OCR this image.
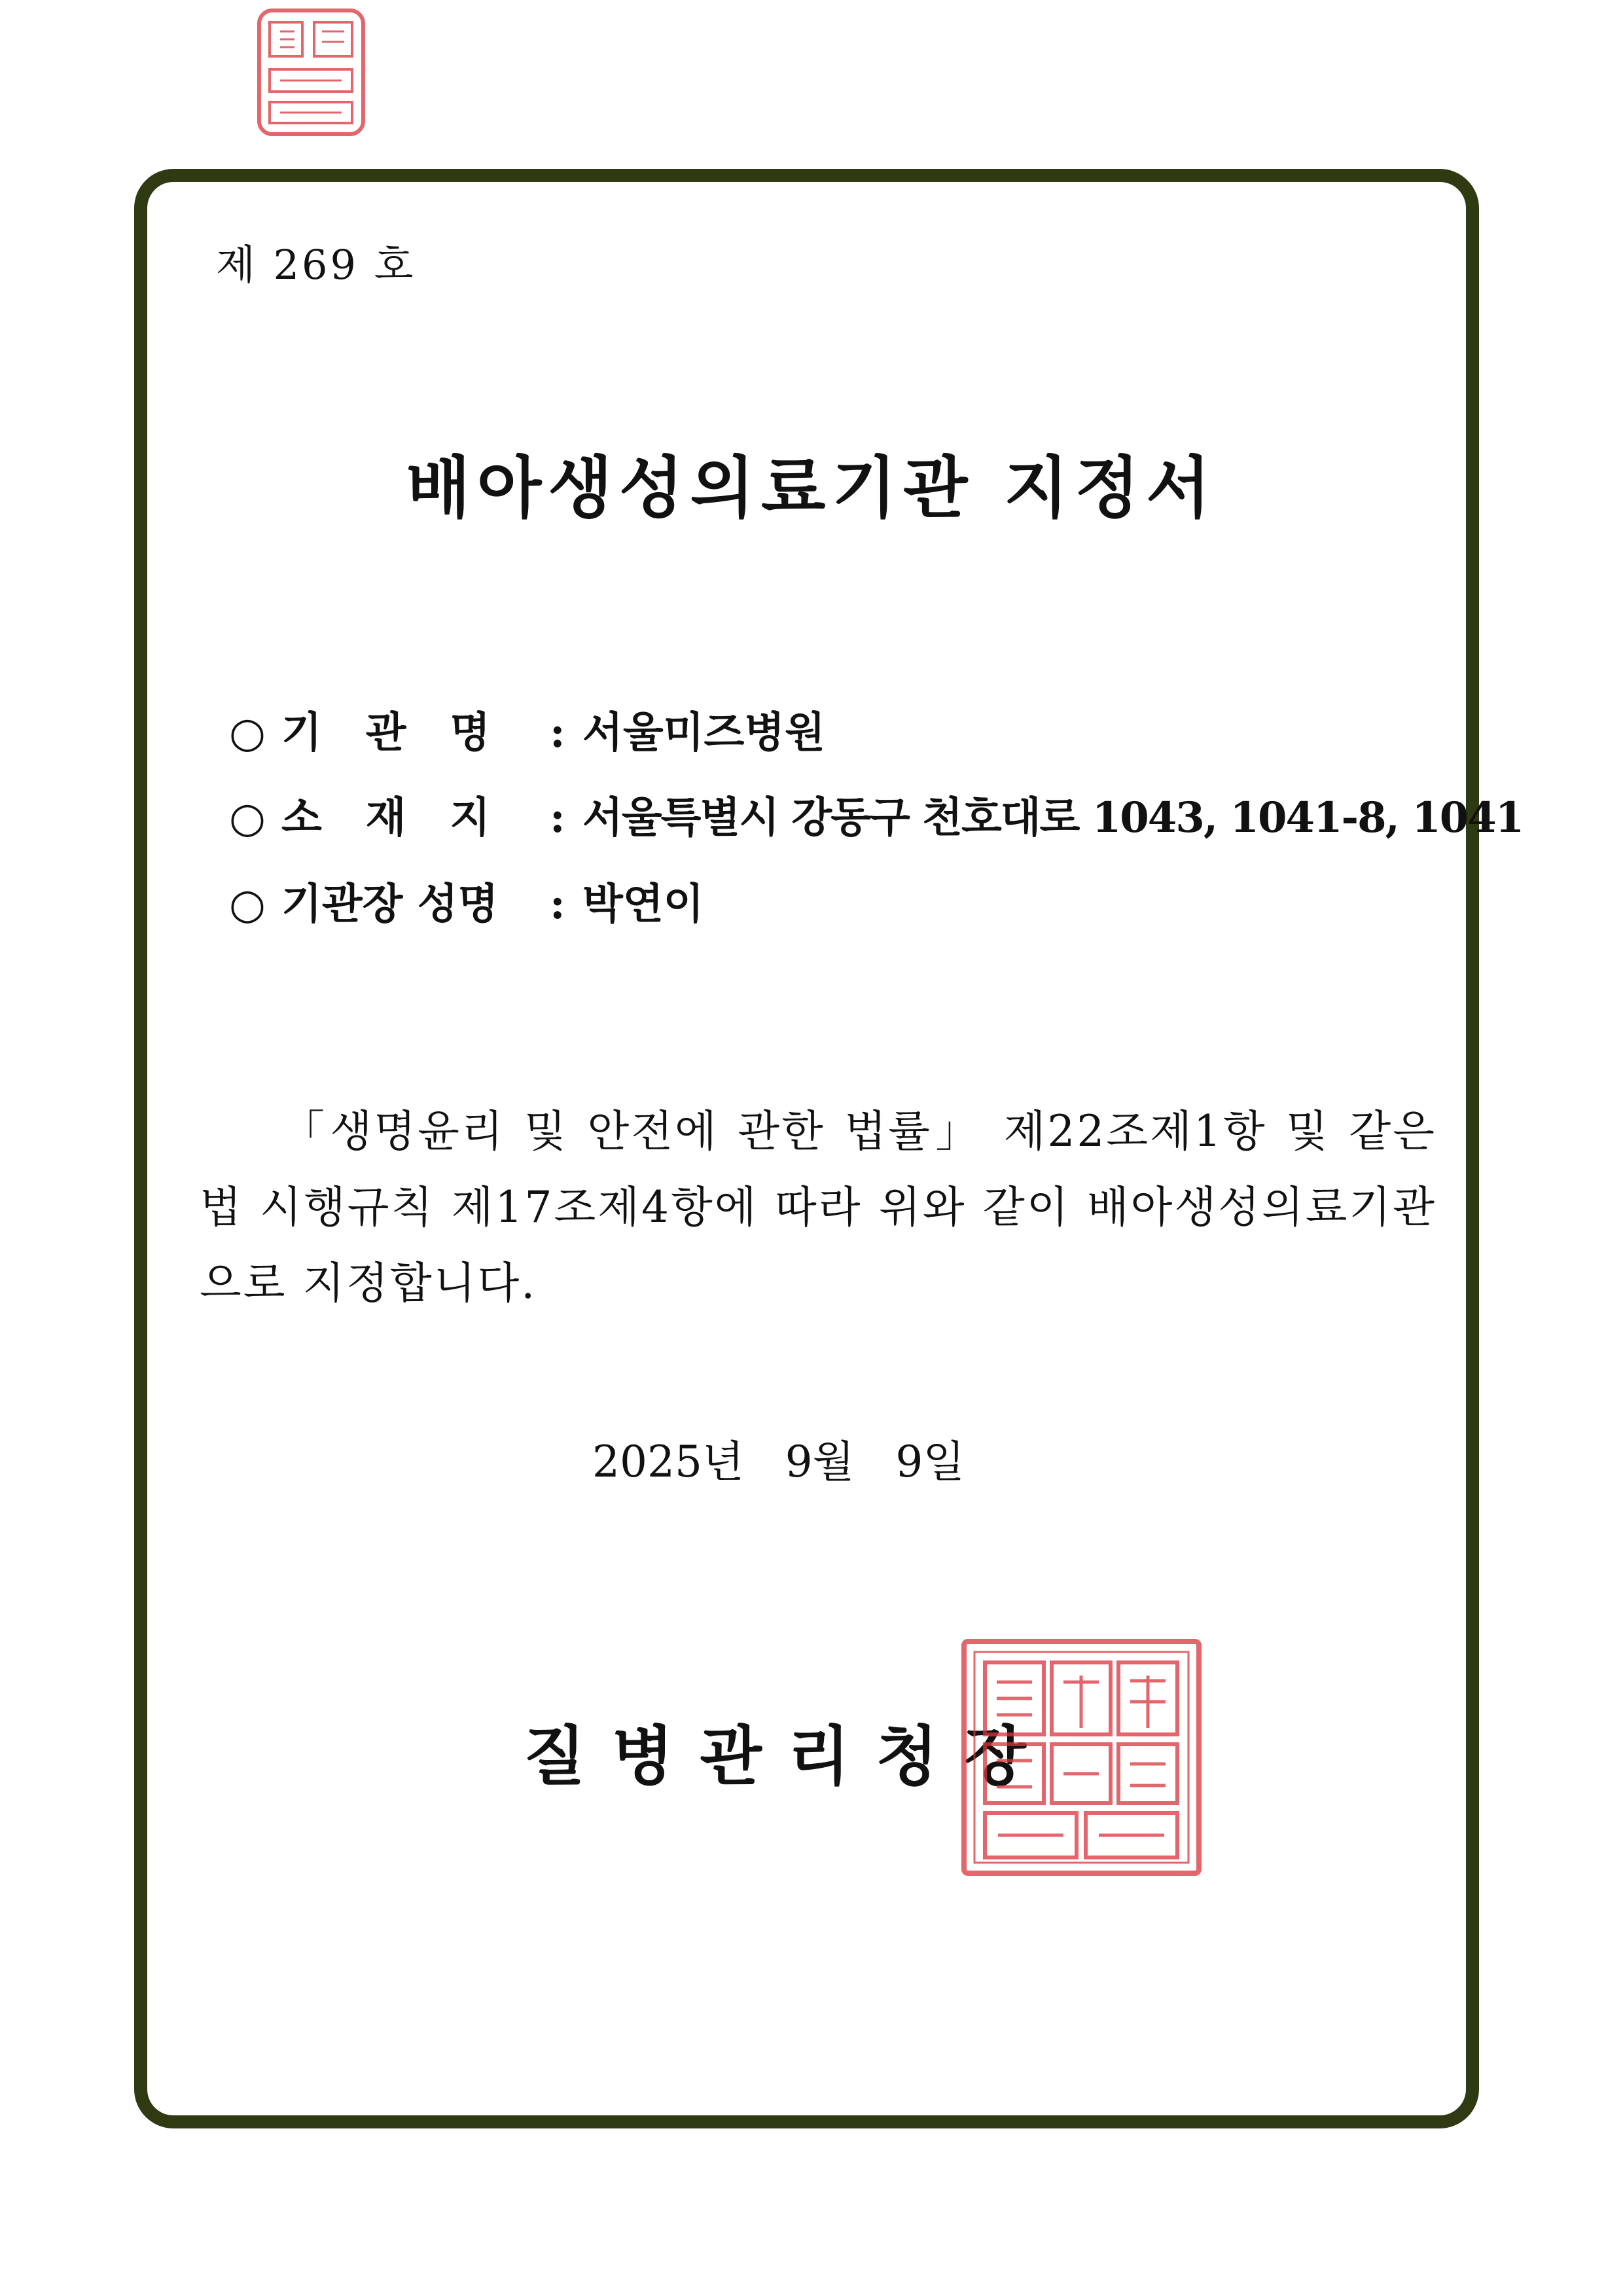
제 269 호
배아생성의료기관 지정서
○ 기   관   명 : 서울미즈병원
○ 소   재   지 : 서울특별시 강동구 천호대로 1043, 1041-8, 1041
○ 기관장 성명 : 박연이

「생명윤리 및 안전에 관한 법률」 제22조제1항 및 같은 법 시행규칙 제17조제4항에 따라 위와 같이 배아생성의료기관으로 지정합니다.

2025년   9월   9일
질병관리청장
